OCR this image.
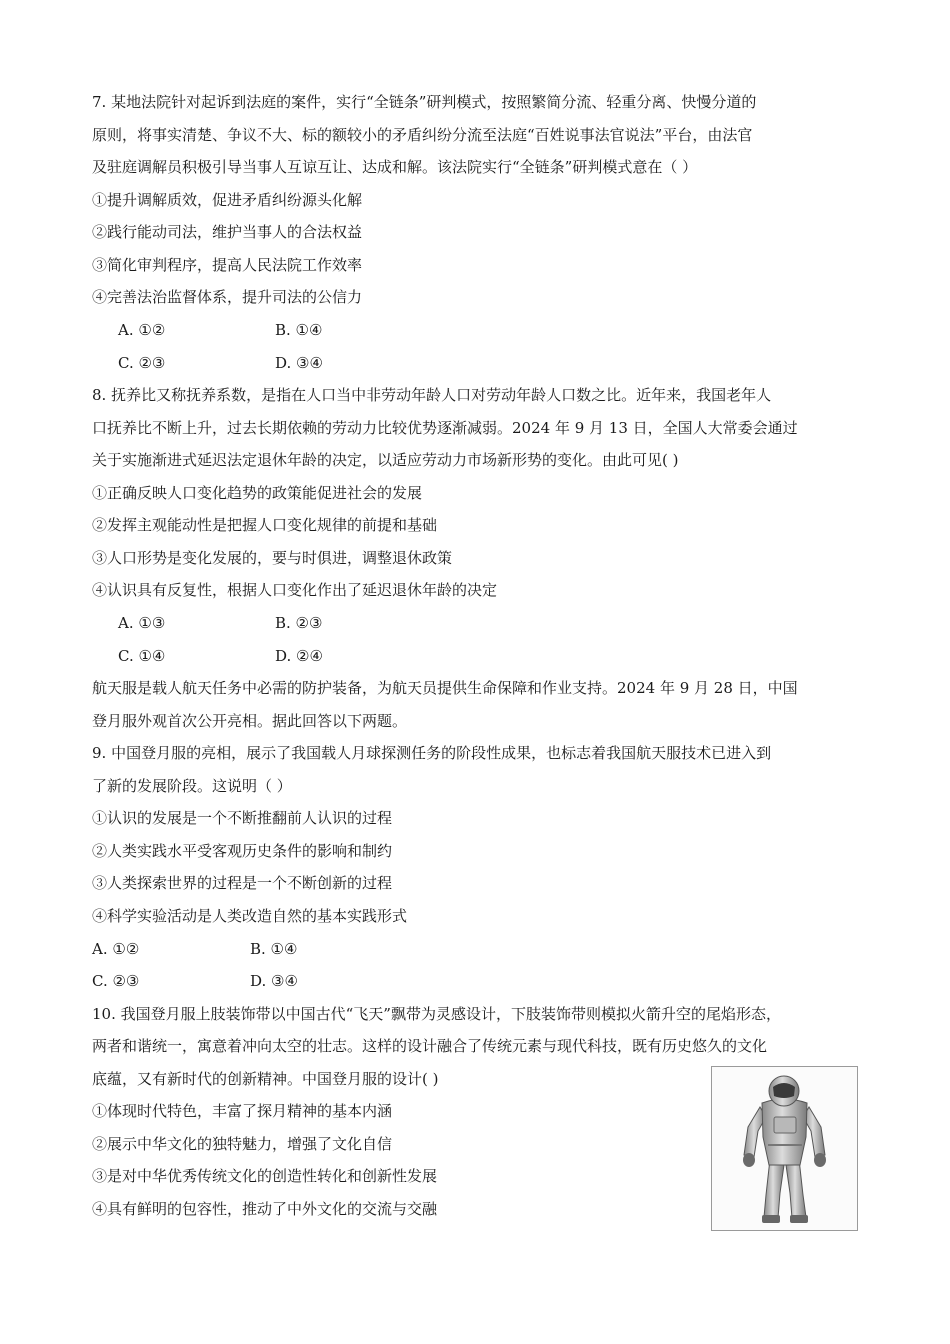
7. 某地法院针对起诉到法庭的案件，实行“全链条”研判模式，按照繁简分流、轻重分离、快慢分道的
原则，将事实清楚、争议不大、标的额较小的矛盾纠纷分流至法庭“百姓说事法官说法”平台，由法官
及驻庭调解员积极引导当事人互谅互让、达成和解。该法院实行“全链条”研判模式意在（ ）
①提升调解质效，促进矛盾纠纷源头化解
②践行能动司法，维护当事人的合法权益
③简化审判程序，提高人民法院工作效率
④完善法治监督体系，提升司法的公信力
A. ①②	B. ①④
C. ②③	D. ③④
8. 抚养比又称抚养系数，是指在人口当中非劳动年龄人口对劳动年龄人口数之比。近年来，我国老年人
口抚养比不断上升，过去长期依赖的劳动力比较优势逐渐减弱。2024 年 9 月 13 日，全国人大常委会通过
关于实施渐进式延迟法定退休年龄的决定，以适应劳动力市场新形势的变化。由此可见( )
①正确反映人口变化趋势的政策能促进社会的发展
②发挥主观能动性是把握人口变化规律的前提和基础
③人口形势是变化发展的，要与时俱进，调整退休政策
④认识具有反复性，根据人口变化作出了延迟退休年龄的决定
A. ①③	B. ②③
C. ①④	D. ②④
航天服是载人航天任务中必需的防护装备，为航天员提供生命保障和作业支持。2024 年 9 月 28 日，中国
登月服外观首次公开亮相。据此回答以下两题。
9. 中国登月服的亮相，展示了我国载人月球探测任务的阶段性成果，也标志着我国航天服技术已进入到
了新的发展阶段。这说明（ ）
①认识的发展是一个不断推翻前人认识的过程
②人类实践水平受客观历史条件的影响和制约
③人类探索世界的过程是一个不断创新的过程
④科学实验活动是人类改造自然的基本实践形式
A. ①②	B. ①④
C. ②③	D. ③④
10. 我国登月服上肢装饰带以中国古代“飞天”飘带为灵感设计，下肢装饰带则模拟火箭升空的尾焰形态，
两者和谐统一，寓意着冲向太空的壮志。这样的设计融合了传统元素与现代科技，既有历史悠久的文化
底蕴，又有新时代的创新精神。中国登月服的设计( )
①体现时代特色，丰富了探月精神的基本内涵
②展示中华文化的独特魅力，增强了文化自信
③是对中华优秀传统文化的创造性转化和创新性发展
④具有鲜明的包容性，推动了中外文化的交流与交融
